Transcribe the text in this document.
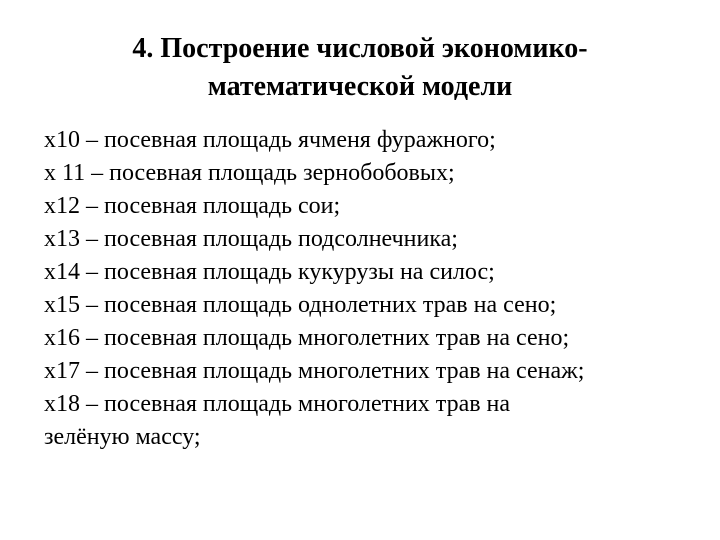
4. Построение числовой экономико-
математической модели
x10 – посевная площадь ячменя фуражного;
x 11 – посевная площадь зернобобовых;
x12 – посевная площадь сои;
x13 – посевная площадь подсолнечника;
x14 – посевная площадь кукурузы на силос;
x15 – посевная площадь однолетних трав на сено;
x16 – посевная площадь многолетних трав на сено;
x17 – посевная площадь многолетних трав на сенаж;
x18 – посевная площадь многолетних трав на
зелёную массу;
